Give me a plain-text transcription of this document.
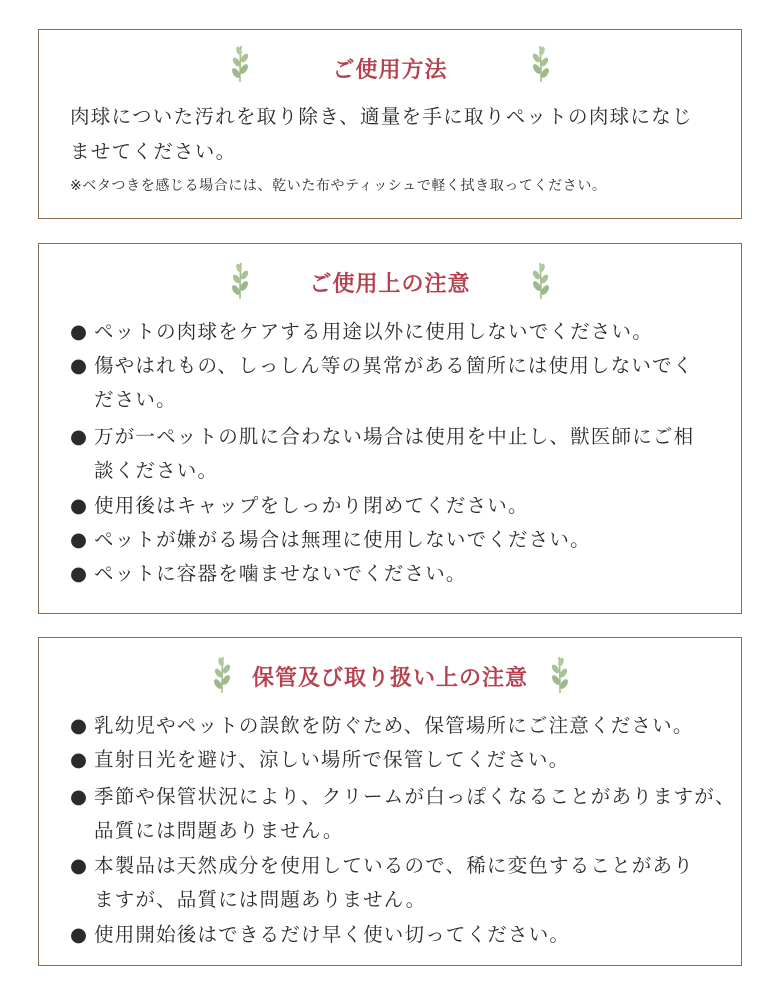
ご使用方法
肉球についた汚れを取り除き、適量を手に取りペットの肉球になじ
ませてください。
※ベタつきを感じる場合には、乾いた布やティッシュで軽く拭き取ってください。
ご使用上の注意
● ペットの肉球をケアする用途以外に使用しないでください。
● 傷やはれもの、しっしん等の異常がある箇所には使用しないでく
ださい。
● 万が一ペットの肌に合わない場合は使用を中止し、獣医師にご相
談ください。
● 使用後はキャップをしっかり閉めてください。
● ペットが嫌がる場合は無理に使用しないでください。
● ペットに容器を噛ませないでください。
保管及び取り扱い上の注意
● 乳幼児やペットの誤飲を防ぐため、保管場所にご注意ください。
● 直射日光を避け、涼しい場所で保管してください。
● 季節や保管状況により、クリームが白っぽくなることがありますが、
品質には問題ありません。
● 本製品は天然成分を使用しているので、稀に変色することがあり
ますが、品質には問題ありません。
● 使用開始後はできるだけ早く使い切ってください。
